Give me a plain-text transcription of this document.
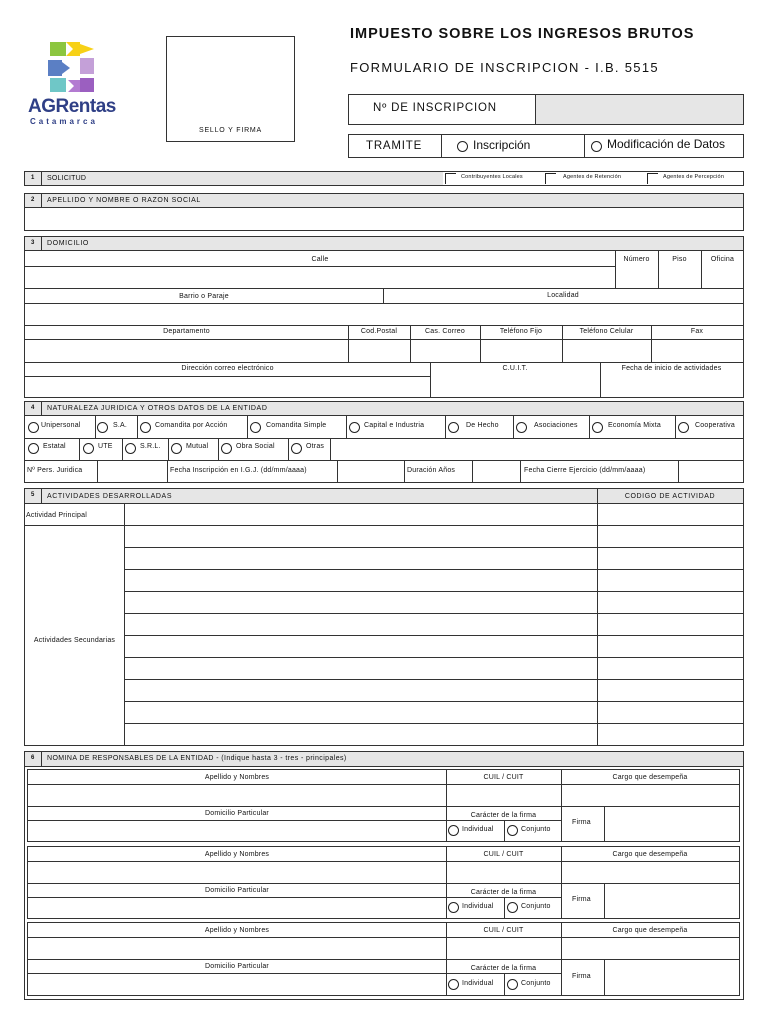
AGRentas
Catamarca
SELLO Y FIRMA
IMPUESTO SOBRE LOS INGRESOS BRUTOS
FORMULARIO DE INSCRIPCION - I.B. 5515
Nº DE INSCRIPCION
TRAMITE	Inscripción	Modificación de Datos
1 SOLICITUD	Contribuyentes Locales	Agentes de Retención	Agentes de Percepción
2 APELLIDO Y NOMBRE O RAZON SOCIAL
3 DOMICILIO
Calle	Número	Piso	Oficina
Barrio o Paraje	Localidad
Departamento	Cod.Postal	Cas. Correo	Teléfono Fijo	Teléfono Celular	Fax
Dirección correo electrónico	C.U.I.T.	Fecha de inicio de actividades
4 NATURALEZA JURIDICA Y OTROS DATOS DE LA ENTIDAD
Unipersonal	S.A.	Comandita por Acción	Comandita Simple	Capital e Industria	De Hecho	Asociaciones	Economía Mixta	Cooperativa
Estatal	UTE	S.R.L.	Mutual	Obra Social	Otras
Nº Pers. Juridica	Fecha Inscripción en I.G.J. (dd/mm/aaaa)	Duración Años	Fecha Cierre Ejercicio (dd/mm/aaaa)
5 ACTIVIDADES DESARROLLADAS	CODIGO DE ACTIVIDAD
Actividad Principal
Actividades Secundarias
6 NOMINA DE RESPONSABLES DE LA ENTIDAD - (Indique hasta 3 - tres - principales)
Apellido y Nombres	CUIL / CUIT	Cargo que desempeña
Domicilio Particular	Carácter de la firma
Individual	Conjunto
Firma
Apellido y Nombres	CUIL / CUIT	Cargo que desempeña
Domicilio Particular	Carácter de la firma
Individual	Conjunto
Firma
Apellido y Nombres	CUIL / CUIT	Cargo que desempeña
Domicilio Particular	Carácter de la firma
Individual	Conjunto
Firma
